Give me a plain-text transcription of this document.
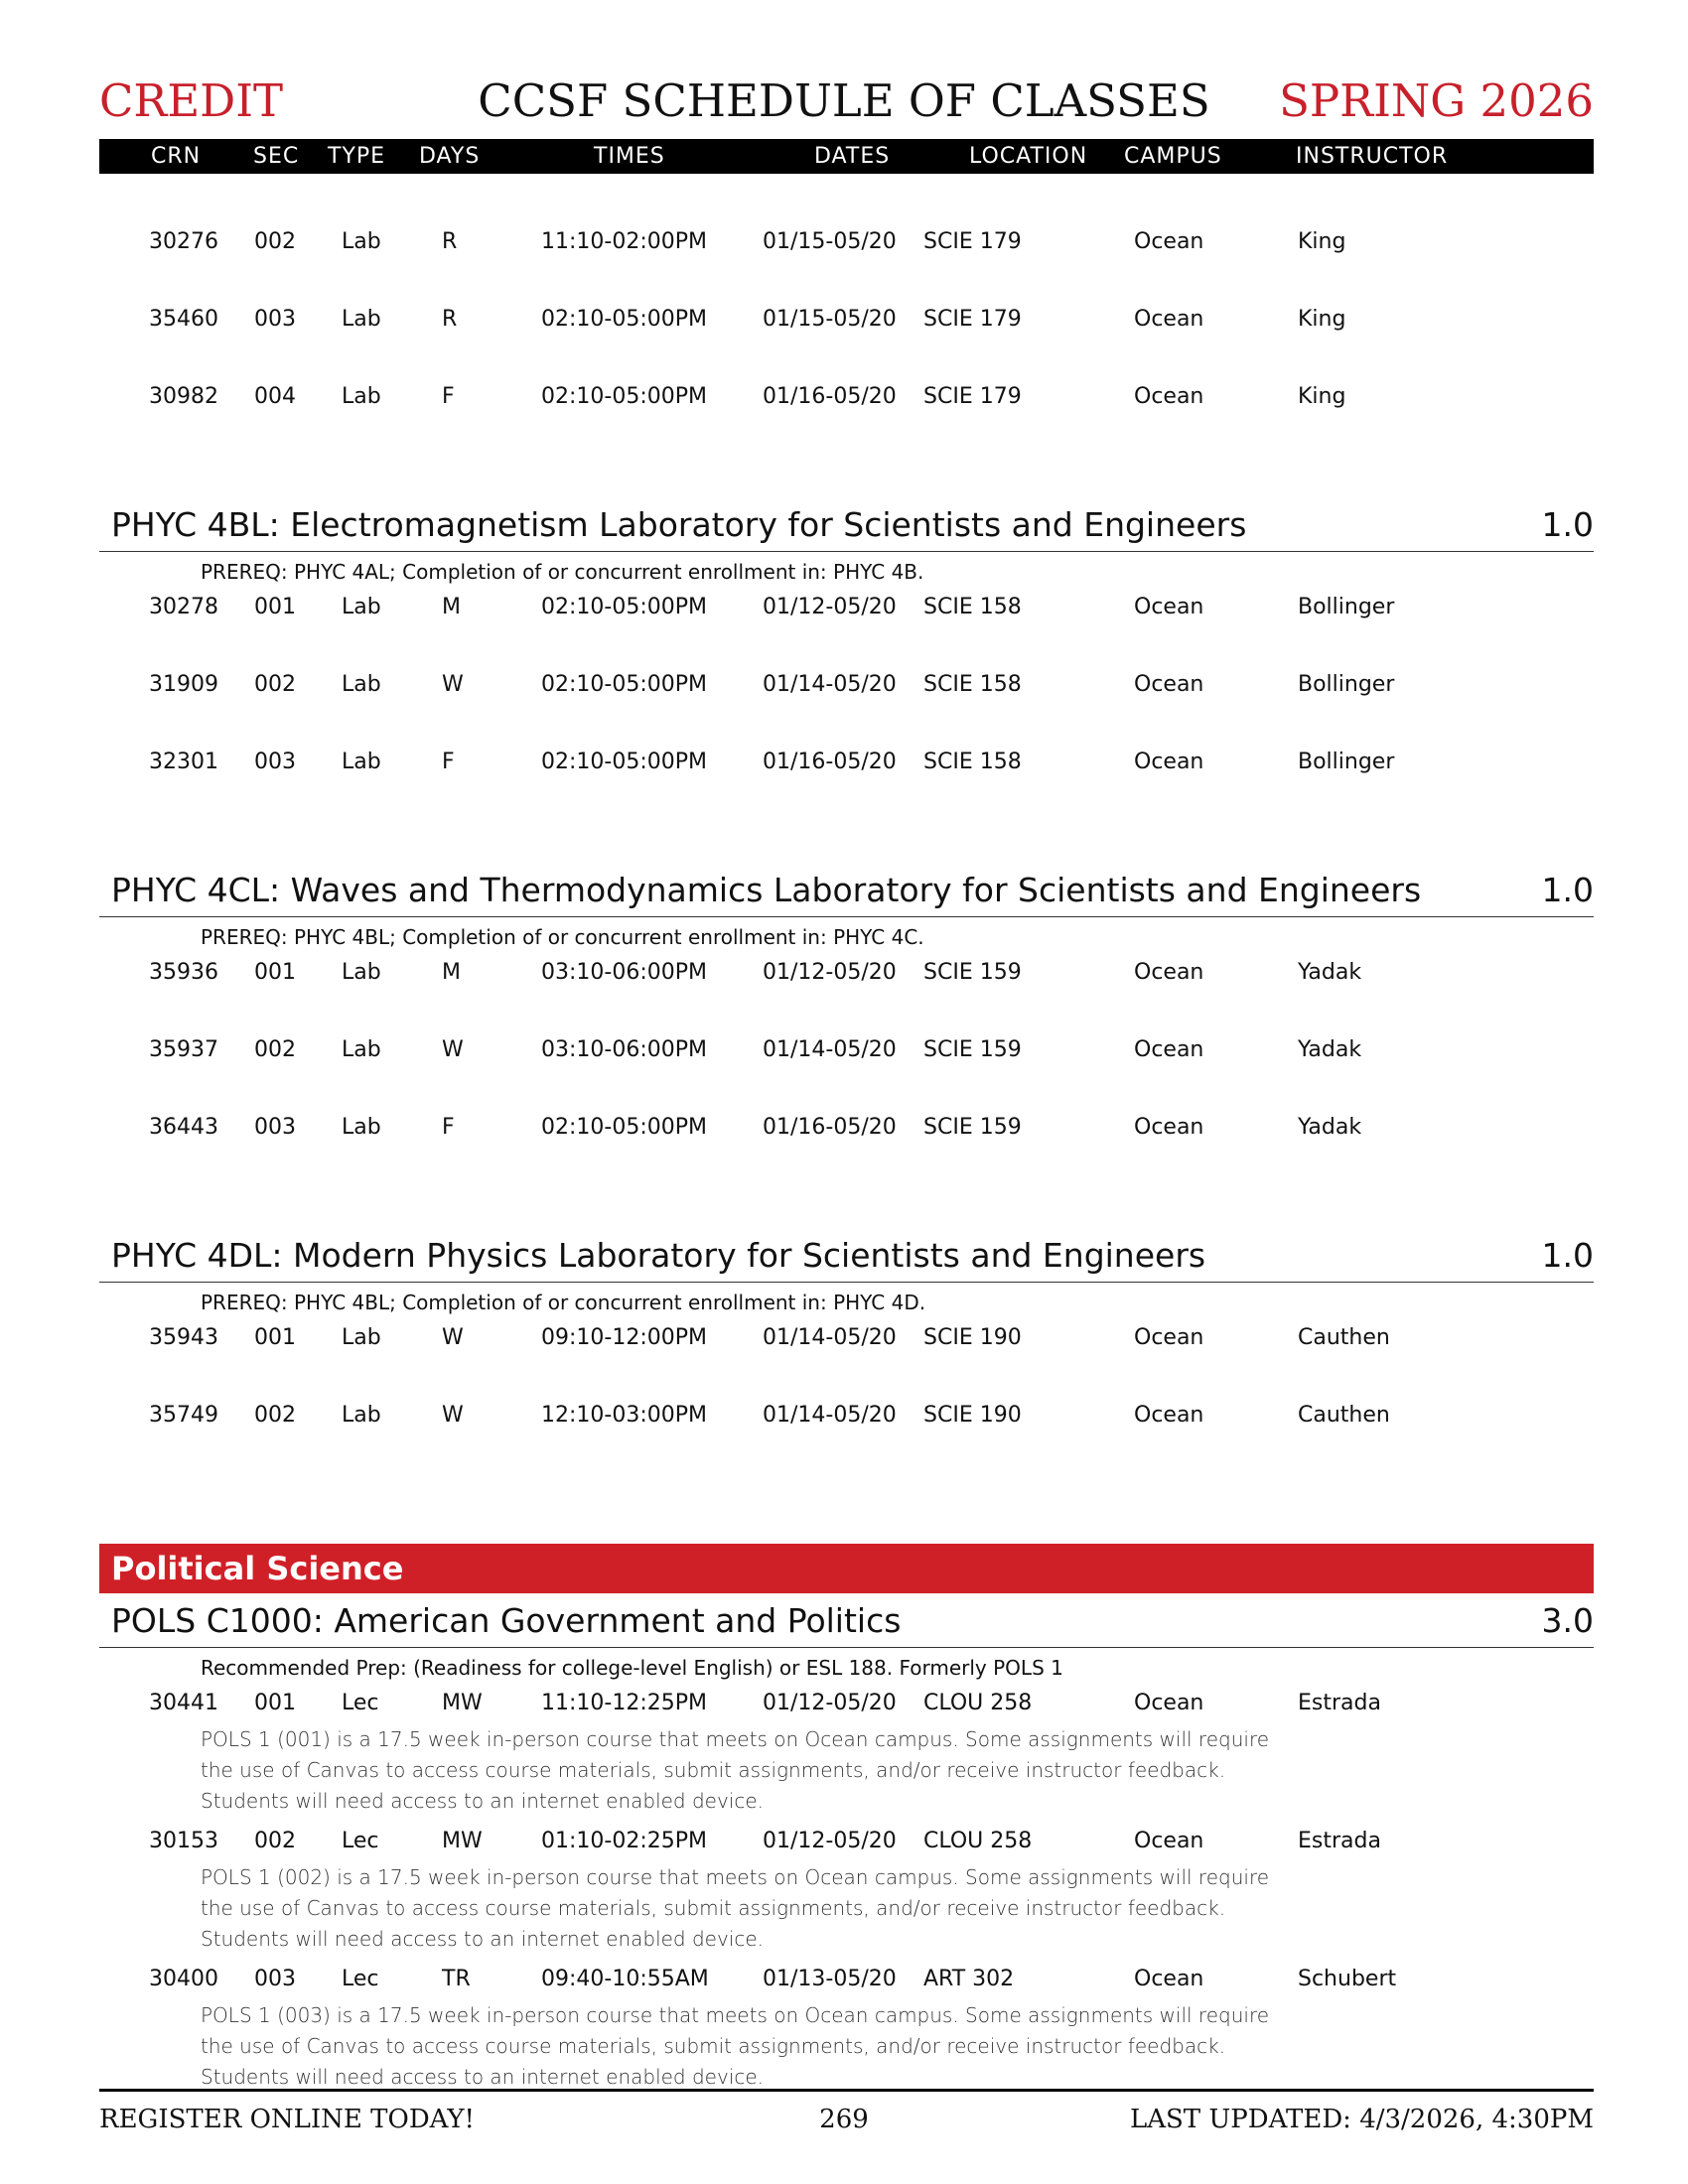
CREDIT	CCSF SCHEDULE OF CLASSES	SPRING 2026
CRN SEC TYPE DAYS	TIMES	DATES	LOCATION CAMPUS	INSTRUCTOR
30276 002 Lab	R	11:10-02:00PM	01/15-05/20 SCIE 179	Ocean	King
35460 003 Lab	R	02:10-05:00PM	01/15-05/20 SCIE 179	Ocean	King
30982 004 Lab	F	02:10-05:00PM	01/16-05/20 SCIE 179	Ocean	King
PHYC 4BL: Electromagnetism Laboratory for Scientists and Engineers	1.0
PREREQ: PHYC 4AL; Completion of or concurrent enrollment in: PHYC 4B.
30278 001 Lab	M	02:10-05:00PM	01/12-05/20 SCIE 158	Ocean	Bollinger
31909 002 Lab	W	02:10-05:00PM	01/14-05/20 SCIE 158	Ocean	Bollinger
32301 003 Lab	F	02:10-05:00PM	01/16-05/20 SCIE 158	Ocean	Bollinger
PHYC 4CL: Waves and Thermodynamics Laboratory for Scientists and Engineers	1.0
PREREQ: PHYC 4BL; Completion of or concurrent enrollment in: PHYC 4C.
35936 001 Lab	M	03:10-06:00PM	01/12-05/20 SCIE 159	Ocean	Yadak
35937 002 Lab	W	03:10-06:00PM	01/14-05/20 SCIE 159	Ocean	Yadak
36443 003 Lab	F	02:10-05:00PM	01/16-05/20 SCIE 159	Ocean	Yadak
PHYC 4DL: Modern Physics Laboratory for Scientists and Engineers	1.0
PREREQ: PHYC 4BL; Completion of or concurrent enrollment in: PHYC 4D.
35943 001 Lab	W	09:10-12:00PM	01/14-05/20 SCIE 190	Ocean	Cauthen
35749 002 Lab	W	12:10-03:00PM	01/14-05/20 SCIE 190	Ocean	Cauthen
Political Science
POLS C1000: American Government and Politics	3.0
Recommended Prep: (Readiness for college-level English) or ESL 188. Formerly POLS 1
30441 001 Lec	MW	11:10-12:25PM	01/12-05/20 CLOU 258	Ocean	Estrada
POLS 1 (001) is a 17.5 week in-person course that meets on Ocean campus. Some assignments will require the use of Canvas to access course materials, submit assignments, and/or receive instructor feedback. Students will need access to an internet enabled device.
30153 002 Lec	MW	01:10-02:25PM	01/12-05/20 CLOU 258	Ocean	Estrada
POLS 1 (002) is a 17.5 week in-person course that meets on Ocean campus. Some assignments will require the use of Canvas to access course materials, submit assignments, and/or receive instructor feedback. Students will need access to an internet enabled device.
30400 003 Lec	TR	09:40-10:55AM 01/13-05/20 ART 302	Ocean	Schubert
POLS 1 (003) is a 17.5 week in-person course that meets on Ocean campus. Some assignments will require the use of Canvas to access course materials, submit assignments, and/or receive instructor feedback. Students will need access to an internet enabled device.
REGISTER ONLINE TODAY!	269	LAST UPDATED: 4/3/2026, 4:30PM
